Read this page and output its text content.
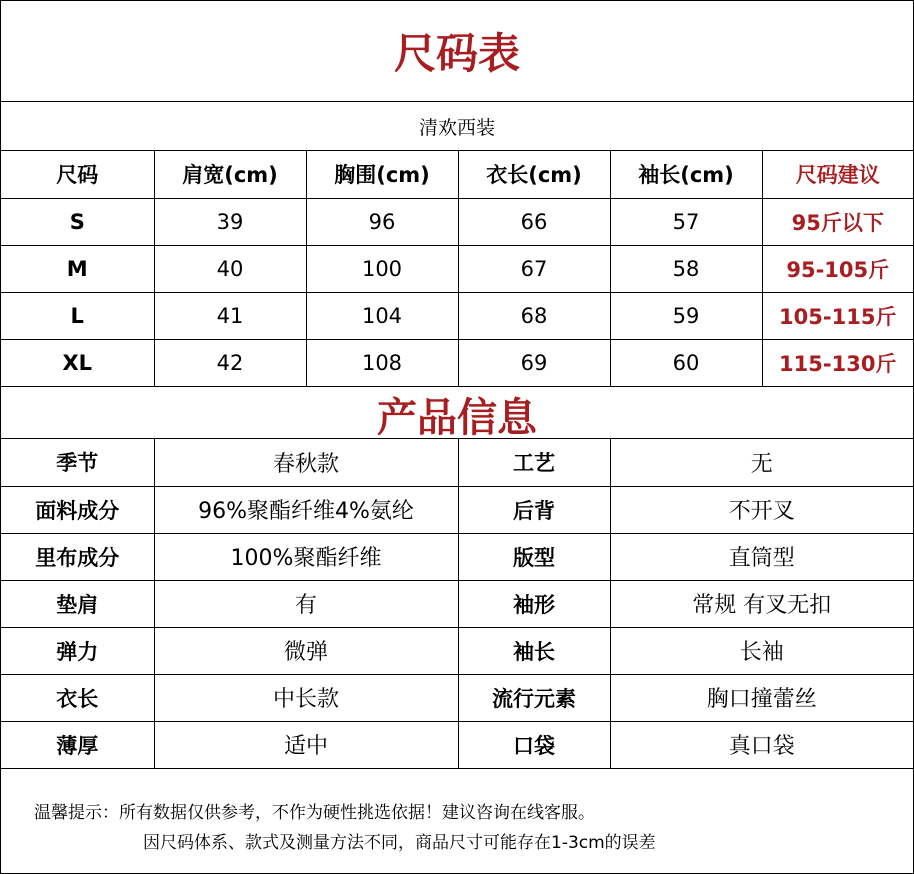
尺码表
清欢西装
尺码	肩宽(cm)	胸围(cm)	衣长(cm)	袖长(cm)	尺码建议
S	39	96	66	57	95斤以下
M	40	100	67	58	95-105斤
L	41	104	68	59	105-115斤
XL	42	108	69	60	115-130斤
产品信息
季节	春秋款	工艺	无
面料成分	96%聚酯纤维4%氨纶	后背	不开叉
里布成分	100%聚酯纤维	版型	直筒型
垫肩	有	袖形	常规 有叉无扣
弹力	微弹	袖长	长袖
衣长	中长款	流行元素	胸口撞蕾丝
薄厚	适中	口袋	真口袋
温馨提示：所有数据仅供参考，不作为硬性挑选依据！建议咨询在线客服。
因尺码体系、款式及测量方法不同，商品尺寸可能存在1-3cm的误差
